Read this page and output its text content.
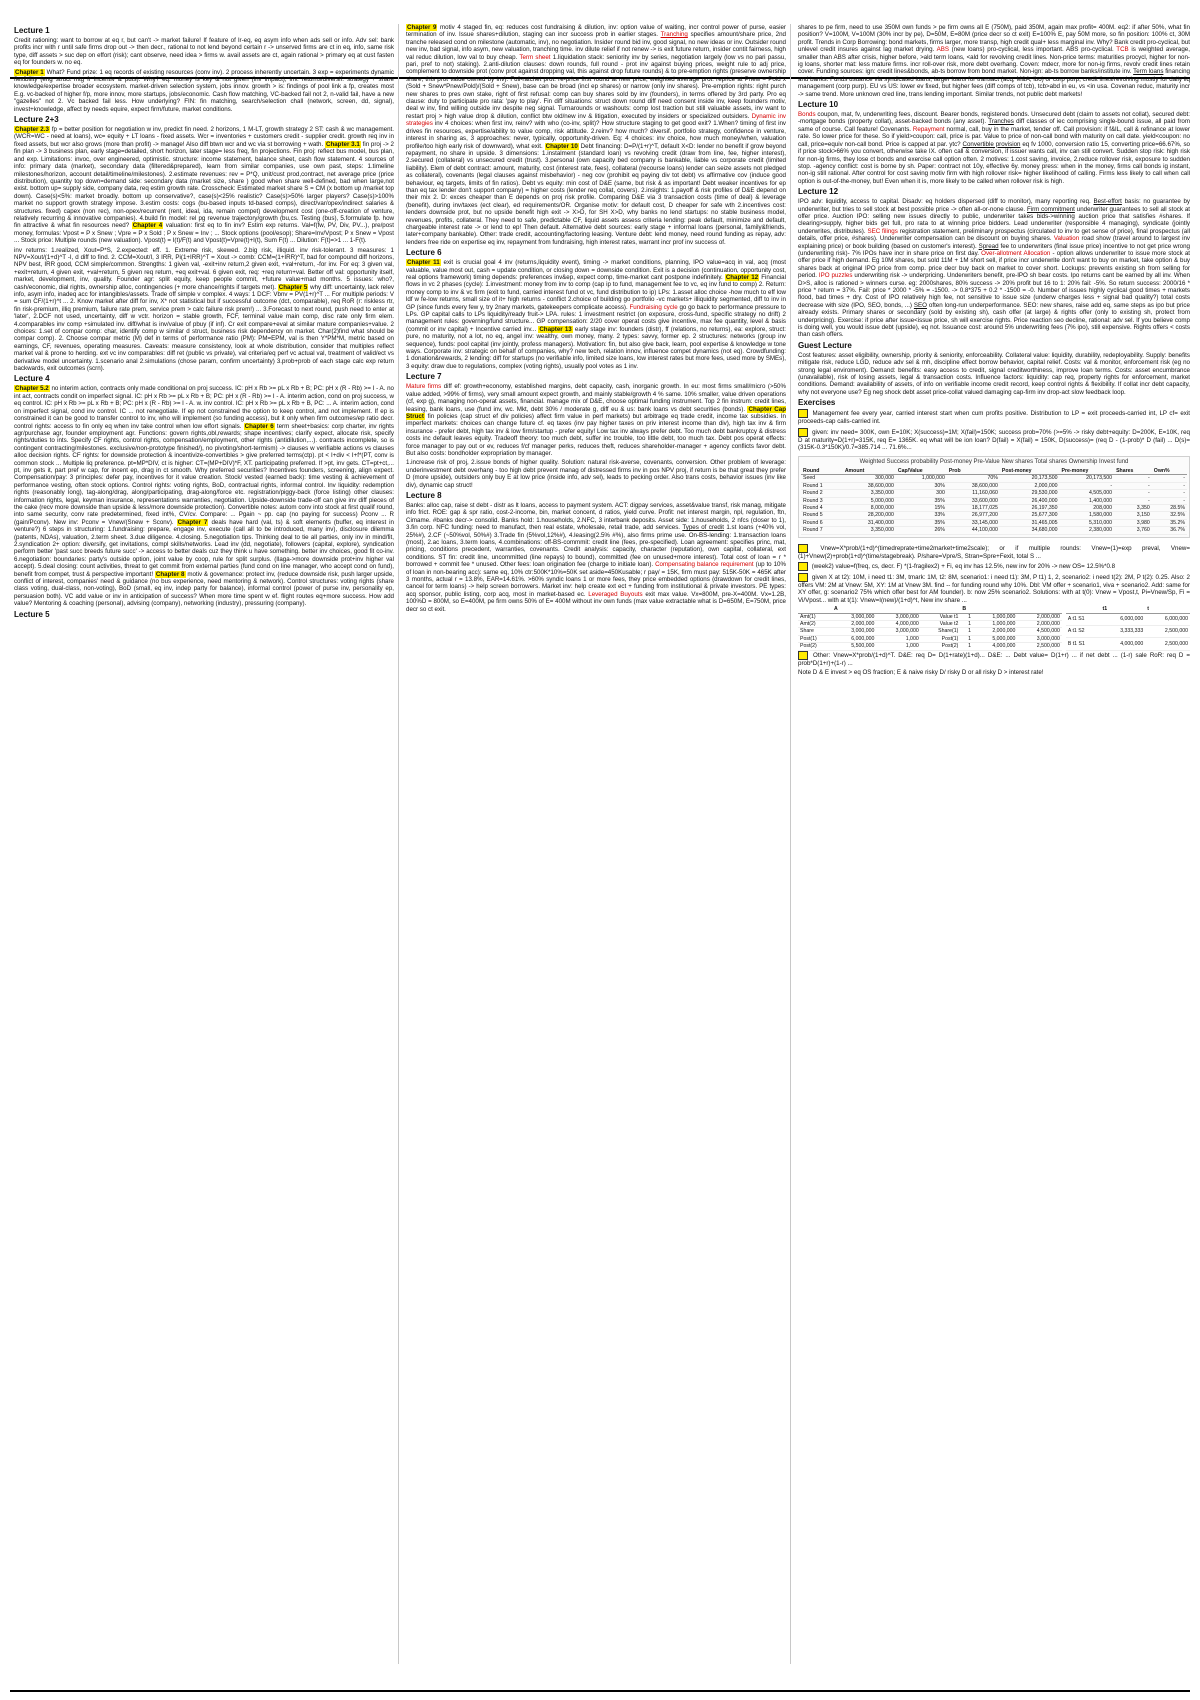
Lecture 1

Credit rationing: want to borrow at eq r, but can't -> market failure! If feature of lr-eq, eq asym info when ads sell or info. Adv sel: bank profits incr with r until safe firms drop out -> then decr., rational to not lend beyond certain r -> unserved firms are ct in eq, info, same risk type, diff assets > suc dep on effort (risk); cant observe, need idea > firms w. avail assets are ct, again rational > primary eq at cust fasten eq for founders w. no eq.

Chapter 1 What? Fund prize: 1 eq records of existing resources (conv inv). 2 process inherently uncertain. 3 exp = experiments dynamic flexibility (eng struct mtg fr incentiv & puts). Why? eq: money is key & not given (inv impact), inv. returns/diversif. strategy + share knowledge/expertise broader ecosystem. market-driven selection system, jobs innov. growth > is: findings of pool link a fp, creates most E.g. vc-backed of higher f/p, more innov, more startups, jobs/economic. Cash flow matching, VC-backed fail not 2, n-valid fail, have a new "gazelles" not 2. Vc backed fail less. How underlying? FIN: fin matching, search/selection chall (network, screen, dd, signal), invest+knowledge, affect by needs equire, expect firm/future, market conditions.

Lecture 2+3

Chapter 2.3 fp = better position for negotiation w inv, predict fin need. 2 horizons, 1 M-LT, growth strategy 2 ST: cash & wc management. (WCR=WC - need at loans), wc= equity + LT loans - fixed assets. Wcr = inventories + customers credit - supplier credit. growth req inv in fixed assets, but wcr also grows (more than profit) -> manage! Also diff btwn wcr and wc via st borrowing + wath. Chapter 3.1 fin proj -> 2 fin plan -> 3 business plan, early stage=detailed, short horizon, later stage= less freq, fin projections. Fin proj: reflect bus model, bus plan, and exp. Limitations: invoc, over engineered, optimistic. structure: income statement, balance sheet, cash flow statement. 4 sources of info: primary data (market), secondary data (filtered&prepared), learn from similar companies, use own past, steps: 1.timeline milestones/horizon, account detail/timeline/milestones). 2.estimate revenues: rev = P*Q, unit/cust prod,contract, net average price (price distribution), quantity top down=demand side: secondary data (market size, share ) good when share well-defined, bad when large,not exist. bottom up= supply side, company data, req estim growth rate. Crosscheck: Estimated market share S = CM (x bottom up /market top down). Case(s)<5%: market broadly. bottom up conservative?, case(s)<25% realistic? Case(s)>50% larger players? Case(s)>100% market no support growth strategy impose. 3.estim costs: cogs (bu-based inputs td-based comps), direct/var/opex/indirect salaries & structures. fixed) capex (non rec), non-opex/recurrent (rent, ideal, ida, remain compet) development cost (one-off-creation of venture, relatively recurring & innovative companies). 4.build fin model: rel pg revenue trajectory/growth (bu,cs. Testing (bus), 5.formulate fp. how fin attractive & what fin resources need? Chapter 4 valuation: first eq to fin inv? Estim exp returns. Val=f(fw, PV, Div, PV...), pre/post money, formulas: Vpost = P x Snew ; Vpre = P x Sold ; P x Snew = Inv ; ... Stock options (pool/esop); Share=Inv/Vpost; P x Snew = Vpost ... Stock price: Multiple rounds (new valuation). Vpost(t) = I(t)/F(t) and Vpost(t)=Vpre(t)+I(t), Sum F(t) ... Dilution: F(t)=>1 ... 1-F(t).

inv returns: 1.realized, Xout=P*S, 2.expected: eff. 1. Extreme risk, skewed. 2.big risk, illiquid. inv risk-tolerant. 3 measures: 1 NPV=Xout/(1+d)^T -I, d diff to find. 2. CCM=Xout/I, 3 IRR, Pi(1+IRR)^T = Xout -> comb: CCM=(1+IRR)^T, bad for compound diff horizons, NPV best, IRR good, CCM simple/common. Strengths: 1 given val, -exit+inv return,2 given exit, +val+return, -for inv. For eq: 3 given val, +exit+return, 4 given exit, +val+return, 5 given req return, +eq exit+val. 6 given exit, req: +req return+val. Better off val: opportunity itself, market, development, inv, quality. Founder agr: split equity, keep people commit, +future value+mad months. 5 issues: who?, cash/economic, dial rights, ownership alloc, contingencies (+ more chance/rights if targets met). Chapter 5 why diff: uncertainty, lack relev info, asym info, inadeq acc for intangibles/assets. Trade off simple v complex. 4 ways: 1 DCF: Vbnv = PV(1+r)^T ... For multiple periods: V = sum CF/(1+r)^t ... 2. Know market after diff for inv, X* not statistical but if successful outcome (dct, comparable), req RoR (r: riskless rtr, fin risk-premium, illiq premium, failure rate prem, service prem > calc failure risk prem!) ... 3.Forecast to next round, push need to enter at 'later', 2.DCF not used, uncertainty, diff w vctr. horizon = stable growth, FCF, terminal value main comp, disc rate only firm elem. 4.comparables inv comp +simulated inv. diff/what is inv/value of pbuy (if inf). Cr exit compare+eval at similar mature companies+value. 2 choices: 1.set of compar comp: char, identify comp w similar d struct, business risk dependency on market. Char(2)find what should be compar comp). 2. Choose compar metric (M) def in terms of performance ratio (PM): PM=EPM, val is then Y*PM*M, metric based on earnings, CF, revenues, operating measures. Caveats: measure consistency, look at whole distribution, consider that multiples reflect market val & prone to herding. ext vc inv comparables: diff ret (public vs private), val criteria/eq perf vc actual val, treatment of valid/ect vs derivative model uncertainty. 1.scenario anal 2.simulations (chose param, confirm uncertainty) 3.prob+prob of each stage calc exp return backwards, exit outcomes (scrn).

Lecture 4

Chapter 5.2 no interim action, contracts only made conditional on proj success. IC: pH x Rb >= pL x Rb + B; PC: pH x (R - Rb) >= I - A. no int act, contracts condit on imperfect signal. IC: pH x Rb >= pL x Rb + B; PC: pH x (R - Rb) >= I - A. interim action, cond on proj success, w eq control. IC: pH x Rb >= pL x Rb + B; PC: pH x (R - Rb) >= I - A. w. inv control. IC: pH x Rb >= pL x Rb + B, PC: ... A. interim action, cond on imperfect signal, cond inv control. IC ... not renegotiate. If ep not constrained the option to keep control, and not implement. If ep is constrained it can be good to transfer control to inv, who will implement (so funding access), but it only when firm outcomes/ep ratio decr. control rights: access to fin only eq when inv take control when low effort signals. Chapter 6 term sheet+basics: corp charter, inv rights agr/purchase agr, founder employment agr. Functions: govern rights,obl,rewards; shape incentives; clarify expect, allocate risk, specify rights/duties to ints. Specify CF rights, control rights, compensation/employment, other rights (antidilution,...). contracts incomplete, so is contingent contracting/milestones. exclusive/non-prototype finished/), no pivoting/short-termism) -> clauses w verifiable actions vs clauses alloc decision rights. CF rights: for downside protection & incentivize-convertibles > give preferred terms(ctp). pt < I+div < I+f*(PT, conv is common stock ... Multiple liq preference. pt=MP*DIV, ct is higher: CT=(MP+DIV)*F, XT. participating preferred. If >pt, inv gets. CT=pt+ct,... pt, inv gets it, part pref w cap, for incent ep, drag in ct smooth. Why preferred securities? Incentives founders, screening, align expect. Compensation/pay: 3 principles: defer pay, incentives for it value creation. Stock/ vested (earned back): time vesting & achievement of performance vesting, often stock options. Control rights: voting rights, BoD, contractual rights, informal control. Inv liquidity: redemption rights (reasonably long), tag-along/drag, along/participating, drag-along/force etc. registration/piggy-back (force listing) other clauses: information rights, legal, keyman insurance, representations warranties, negotiation. Upside-downside trade-off can give inv diff pieces of the cake (recv more downside than upside & less/more downside protection). Convertible notes: autom conv into stock at first qualif round, into same security, conv rate predetermined, fixed int%, CV/cv. Compare: ... Pgain ~ pp. cap (no paying for success) Pconv ... R (gain/Pconv). New inv: Pconv = Vnew/(Snew + Sconv). Chapter 7 deals have hard (val, ts) & soft elements (buffer, eq interest in venture?) 6 steps in structuring: 1.fundraising: prepare, engage inv, execute (call all to be introduced, many inv), disclosure dilemma (patents, NDAs), valuation, 2.term sheet. 3.due diligence. 4.closing. 5.negotiation tips. Thinking deal to tie all parties, only inv in mind/fit, 2.syndication 2+ option: diversify, get invitations, compl skills/networks. Lead inv (dd, negotiate), followers (capital, explore), syndication perform better 'past succ breeds future succ' -> access to better deals cuz they think u have something. better inv choices, good fit co-inv. 6.negotiation: boundaries: party's outside option, joint value by coop, rule for split surplus. (Ilaga->more downside prot+inv higher val accept). 5.deal closing: count activities, threat to get commit from external parties (fund cond on line manager, who accept cond on fund), benefit from compet, trust & perspective important! Chapter 8 motiv & governance: protect inv, (reduce downside risk, push larger upside, conflict of interest, companies' need & guidance (no bus experience, need mentoring & network). Control structures: voting rights (share class voting, dual-class, non-voting), BoD (small, eq inv, indep party for balance), informal control (power of purse inv, personality ep, persuasion both). VC add value or inv in anticipation of success? When more time spent w ef. flight routes eq+more success. How add value? Mentoring & coaching (personal), advising (company), networking (industry), pressuring (company).

Lecture 5

Chapter 9 motiv 4 staged fin, eq: reduces cost fundraising & dilution, inv: option value of waiting, incr control power of purse, easier termination of inv. Issue shares+dilution, staging can incr success prob in earlier stages. Tranching specifies amount/share price, 2nd tranche released cond on milestone (automatic, inv), no negotiation. Insider round bid inv, good signal, no new ideas or inv. Outsider round new inv, bad signal, info asym, new valuation, tranching time. inv dilute relief if not renew -> is exit future return, insider contit fairness, high val reduc dilution, low val to buy cheap. Term sheet 1.liquidation stack: seniority inv by series, negotiation largely (low vs no pari passu, pari, pref to not) staking). 2.anti-dilution clauses: down rounds, full round - prot inv against buying prices, weight rule to adj price, complement to downside prot (conv prot against dropping val, this against drop future rounds) & to pre-emption rights (preserve ownership share, this prot value owned by inv). Full-ratchet prot: re-price first round at new price, weighted average prot: reprice at Pnew = Pold x (Sold + Snew*Pnew/Pold)/(Sold + Snew), base can be broad (incl ep shares) or narrow (only inv shares). Pre-emption rights: right purch new shares to pres own stake, right of first refusal: comp can buy shares sold by inv (founders), in terms offered by 3rd party. Pro eq clause: duty to participate pro rata: 'pay to play'. Fin diff situations: struct down round diff need consent inside inv, keep founders motiv, deal w inv, find willing outside inv despite neg signal. Turnarounds or washouts: comp lost traction but still valuable assets, inv want to restart proj > high value drop & dilution, conflict btw old/new inv & litigation, executed by insiders or specialized outsiders. Dynamic inv strategies inv 4 choices: when first inv, reinv? with who (co-inv, split)? How structure staging to get good exit? 1.When? timing of first inv drives fin resources, expertise/ability to value comp, risk attitude. 2.reinv? how much? diversif. portfolio strategy, confidence in venture, interest in sharing as, 3 approaches: never, typically, opportunity-driven. Eq: 4 choices: inv choice, how much money/when, valuation profile/too high early risk of downward), what exit. Chapter 10 Debt financing: D=P/(1+r)^T, default X<D: lender no benefit if grow beyond repayment, no share in upside. 3 dimensions: 1.instalment (standard loan) vs revolving credit (draw from line, fee, higher interest), 2.secured (collateral) vs unsecured credit (trust). 3.personal (own capacity bed company is bankable, liable vs corporate credit (limited liability). Elem of debt contract: amount, maturity, cost (interest rate, fees), collateral (recourse loans) lender can seize assets not pledged as collateral), covenants (legal clauses against misbehavior) - neg cov (prohibit eq paying div tot debt) vs affirmative cov (induce good behaviour, eq targets, limits of fin ratios). Debt vs equity: min cost of D&E (same, but risk & as important! Debt weaker incentives for ep than eq tax lender don't support company) = higher costs (lender req collat, covers). 2.insights: 1.payoff & risk profiles of D&E depend on their mix 2. D: exces cheaper than E depends on proj risk profile. Comparing D&E via 3 transaction costs (time of deal) & leverage (benefit), during inv/taxes (ect clear), ed requirements/OR. Organise motiv: for default cost, D cheaper for safe wth 2.incentives cost: lenders downside prot, but no upside benefit high exit -> X>D, for SH X>D, why banks no lend startups: no stable business model, revenues, profits, collateral. They need to safe, predictable CF, liquid assets assess criteria lending: peak default, minimize and default, chargeable interest rate -> or lend to ep! Then default. Alternative debt sources: early stage + informal loans (personal, family&friends, later+company bankable). Other: trade credit, accounting/factoring leasing. Venture debt: lend money, need round funding as repay, adv: lenders free ride on expertise eq inv, repayment from fundraising, high interest rates, warrant incr prof inv success of.

Lecture 6

Chapter 11 exit is crucial goal 4 inv (returns,liquidity event), timing -> market conditions, planning, IPO value=acq in val, acq (most valuable, value most out, cash = update condition, or closing down = downside condition. Exit is a decision (continuation, opportunity cost, real options framework) timing depends: preferences inv&ep, expect comp, time-market cant postpone indefinitely. Chapter 12 Financial flows in vc 2 phases (cycle): 1.investment: money from inv to comp (cap ip to fund, management fee to vc, eq inv fund to comp) 2. Return: money comp to inv & vc firm (exit to fund, carried interest fund ot vc, fund distribution to ip) LPs: 1.asset alloc choice -how much to eff low ldf w fe-low returns, small size of it+ high returns - conflict 2.choice of building go portfolio -vc markets+ illiquidity segmented, diff to inv in GP (since funds every few y, try 2nary markets, gatekeepers complicate access). Fundraising cycle go go back to performance pressure to LPs. GP capital calls to LPs liquidity/ready fruit-> LPA. rules: 1 investment restrict (on exposure, cross-fund, specific strategy no drift) 2 management rules: governing/fund structure... GP compensation: 2/20 cover operat costs give incentive, max fee quantity, level & basis (commit or inv capital) + Incentive carried inv... Chapter 13 early stage inv: founders (distr), ff (relations, no returns), ea: explore, struct: pure, no maturity, not a lot, no eq, angel inv: wealthy, own money, many. 2 types: savvy, former ep. 2 structures: networks (group inv sequence), funds: pool capital (inv jointly, profess managers). Motivation: fin, but also give back, learn, pool expertise & knowledge w tone ways. Corporate inv: strategic on behalf of companies, why? new tech, relation innov, influence compet dynamics (not eq). Crowdfunding: 1 donation&rewards, 2 lending: diff for startups (no verifiable info, limited size loans, low interest rates but more fees, used more by SMEs), 3 equity: draw due to regulations, complex (voting rights), usually pool votes as 1 inv.

Lecture 7

Mature firms diff ef: growth+economy, established margins, debt capacity, cash, inorganic growth. In eu: most firms small/micro (>50% value added, >99% of firms), very small amount expect growth, and mainly stable/growth 4 % same. 10% smaller, value driven operations (cf, exp g), managing non-operat assets, financial. manage mix of D&E, choose optimal funding instrument. Top 2 fin instrum: credit lines, leasing, bank loans, use (fund inv, wc. Mkt, debt 30% / moderate g, diff eu & us: bank loans vs debt securities (bonds). Chapter Cap Struct fin policies (cap struct ef div policies) affect firm value in perf markets) but arbitrage eq trade credit, income tax subsidies. In imperfect markets: choices can change future cf. eq taxes (inv pay higher taxes on priv interest income than div), high tax inv & firm insurance - prefer debt, high tax inv & low firm/startup - prefer equity! Low tax inv always prefer debt. Too much debt bankruptcy & distress costs inc default leaves equity. Tradeoff theory: too much debt, suffer inc trouble, too little debt, too much tax. Debt pos operat effects: force manager to pay out or ev, reduces f/cf manager perks, reduces theft, reduces shareholder-manager + agency conflicts favor debt. But also costs: bondholder expropriation by manager.

1.increase risk of proj, 2.issue bonds of higher quality. Solution: natural risk-averse, covenants, conversion. Other problem of leverage: underinvestment debt overhang - too high debt prevent manag of distressed firms inv in pos NPV proj, if return is be that great they prefer D (more upside), outsiders only buy E at low price (inside info, adv sel), leads to pecking order. Also trans costs, behavior issues (inv like div), dynamic cap struct!

Lecture 8

Banks: alloc cap, raise st debt - distr as lt loans, access to payment system. ACT: digpay services, asset&value transf, risk manag, mitigate info frict. ROE: gap & spr ratio, cost-2-income, bin, market concent, d ratios, yield curve. Profit: net interest margin, npl, regulation, ftn, Cimame. #banks decr-> consolid. Banks hold: 1.households, 2.NFC, 3 interbank deposits. Asset side: 1.households, 2 nfcs (closer to 1), 3.fin corp. NFC funding: need to manufact, then real estate, wholesale, retail trade, add services. Types of credit 1.st loans (+40% vol, 25%#), 2.CF (~50%vol, 50%#) 3.Trade fin (5%vol,12%#), 4.leasing(2.5% #%), also firms prime use. On-BS-lending: 1.transaction loans (most), 2.ac loans, 3.term loans, 4.combinations: off-BS-commmit: credit line (fees, pre-specified). Loan agreement: specifies princ, mat, pricing, conditions precedent, warranties, covenants. Credit analysis: capacity, character (reputation), own capital, collateral, ext conditions. ST fin: credit line, uncommitted (line repays) to bound), committed (fee on unused+more interest). Total cost of loan = r * borrowed + commit fee * unused. Other fees: loan origination fee (charge to initiate loan). Compensating balance requirement (up to 10% of loan in non-bearing acc): same eq, 10% ctr:500K*10%=50K set aside=450Kusable; r pay/ = 15K, firm must pay: 515K-50K = 465K after 3 months, actual r = 13.8%, EAR=14.61%. >60% syndic loans 1 or more fees, they price embedded options (drawdown for credit lines, cancel for term loans) -> help screen borrowers. Market inv: help create ext ect + funding from institutional & private investors. PE types: acq sponsor, public listing, corp acq, most in market-based ec. Leveraged Buyouts exit max value. Vx=800M, pre-X=400M. Vx=1.2B, 100%D = 800M, so E=400M, pe firm owns 50% of E= 400M without inv own funds (max value extractable what is D=650M, E=750M, price decr so ct exit.

shares to pe firm, need to use 350M own funds > pe firm owns all E (750M), paid 350M, again max profit= 400M. eq2: if after 50%, what fin position? V=100M, V=100M (30% incr by pe), D=50M, E=80M (price decr so ct exit) E=100% E, pay 50M more, so fin position: 100% ct, 30M profit. Trends in Corp Borrowing: bond markets, firms larger, more transp, high credit qual+ less marginal inv. Why? Bank credit pro-cyclical, but unlevel credit insures against lag market drying. ABS (new loans) pro-cyclical, less important. ABS pro-cyclical. TCB is weighted average, smaller than ABS after crisis, higher before, >ald term loans, <ald for revolving credit lines. Non-price terms: maturities procycl, higher for non-ig loans, shorter mat: less mature firms. incr roll-over risk, more debt overhang. Coven: mdecr, more for non-ig firms, revolv credit lines retain cover. Funding sources: ign: credit lines&bonds, ab-ts borrow from bond market. Non-ign: ab-ts borrow banks/institute inv. Term loans financing and banks. Funds usuance via syndicated loans, larger loans for transact (acq, M&A, lbo) or corp purp, credit lines/revolving mostly for daily liq management (corp purp). EU vs US: lower ev fixed, but higher fees (diff comps of tcb), tcb>abd in eu, vs <in usa. Covenan reduc, maturity incr -> same trend. More unknown cred line, trans lending important. Similar trends, not public debt markets!

Lecture 10

Bonds coupon, mat, fv, underwriting fees, discount. Bearer bonds, registered bonds. Unsecured debt (claim to assets not collat), secured debt: -mortgage bonds (property collat), asset-backed bonds (any asset). Tranches diff classes of iec comprising single-bound issue, all paid from same of course. Call feature! Covenants. Repayment normal, call, buy in the market, tender off. Call provision: if f&lL, call & refinance at lower rate. So lower price for these. So if yield>coupon: call, price is par. Value to price of non-call bond with maturity on call date. yield<coupon: no call, price=equiv non-call bond. Price is capped at par. ytc? Convertible provision eq fv 1000, conversion ratio 15, converting price=66.67%, so if price stock>66% you convert, otherwise take IX. often call & conversion, if issuer wants call, inv can still convert. Sudden stop risk: high risk for non-ig firms, they lose ct bonds and exercise call option often. 2 motives: 1.cost saving, invoice, 2.reduce rollover risk, exposure to sudden stop. -agency conflict: cost is borne by sh. Paper: contract not 10y, effective 6y. money press: when in the money, firms call bonds ig instant, non-ig still rational. After control for cost saving motiv firm with high rollover risk= higher likelihood of calling. Firms less likely to call when call option is out-of-the-money, but! Even when it is, more likely to be called when rollover risk is high.

Lecture 12

IPO adv: liquidity, access to capital. Disadv: eq holders dispersed (diff to monitor), many reporting req. Best-effort basis: no guarantee by underwriter, but tries to sell stock at best possible price -> often all-or-none clause. Firm commitment underwriter guarantees to sell all stock at offer price. Auction IPO: selling new issues directly to public, underwriter takes bids->winning auction price that satisfies #shares. If clearing>supply, higher bids get full, pro rata to at winning price bidders. Lead underwriter (responsible 4 managing), syndicate (jointly underwrites, distributes). SEC filings registration statement, preliminary prospectus (circulated to inv to get sense of price), final prospectus (all details, offer price, #shares). Underwriter compensation can be discount on buying shares. Valuation road show (travel around to largest inv explaining price) or book building (based on customer's interest). Spread fee to underwriters (final issue price) incentive to not get price wrong (underwriting risk)- 7% IPOs have incr in share price on first day. Over-allotment Allocation - option allows underwriter to issue more stock at offer price if high demand. Eg 10M shares, but sold 11M + 1M short sell, if price incr underwrite don't want to buy on market, take option & buy shares back at original IPO price from comp. price decr buy back on market to cover short. Lockups: prevents existing sh from selling for period. IPO puzzles underwriting risk -> underpricing. Underwriters benefit, pre-IPO sh bear costs. Ipo returns cant be earned by all inv. When D>S, alloc is rationed > winners curse. eg: 2000shares, 80% success -> 20% profit but 16 to 1: 20% fail: -5%. So return success: 2000/16 * price * return = 37%. Fail: price * 2000 * -5% = -1500. -> 0.8*375 + 0.2 * -1500 = -0. Number of issues highly cyclical good times + markets flood, bad times + dry. Cost of IPO relatively high fee, not sensitive to issue size (underw charges less + signal bad quality?) total costs decrease with size (IPO, SEO, bonds, ...) SEO often long-run underperformance. SEO: new shares, raise add eq, same steps as ipo but price already exists. Primary shares or secondary (sold by existing sh), cash offer (at large) & rights offer (only to existing sh, protect from underpricing). Exercise: if price after issue<issue price, sh will exercise rights. Price reaction seo decline, rational: adv sel. If you believe comp is doing well, you would issue debt (upside), eq not. Issuance cost: around 5% underwriting fees (7% ipo), still expensive. Rights offers < costs than cash offers.

Guest Lecture

Cost features: asset eligibility, ownership, priority & seniority, enforceability. Collateral value: liquidity, durability, redeployability. Supply: benefits mitigate risk, reduce LGD, reduce adv sel & mh, discipline effect borrow behavior, capital relief. Costs: val & monitor, enforcement risk (eg no strong legal enviroment). Demand: benefits: easy access to credit, signal creditworthiness, improve loan terms. Costs: asset encumbrance (unavailable), risk of losing assets, legal & transaction costs. Influence factors: liquidity: cap req, property rights for enforcement, market conditions. Demand: availability of assets, of info on verifiable income credit record, keep control rights & flexibility. If collat incr debt capacity, why not everyone use? Eg neg shock debt asset price-collat valued damaging cap-firm inv drop-act slow feedback loop.

Exercises

Management fee every year, carried interest start when cum profits positive. Distribution to LP = exit proceeds-carried int, LP cf= exit proceeds-cap calls-carried int.

given: inv need= 300K, own E=10K; X(success)=1M; X(fail)=150K; success prob=70% (>=5% -> risky debt+equity: D=200K, E=10K, req D at maturity=D(1+r)=315K, req E= 1365K. eq what will be ion loan? D(fail) = X(fail) = 150K, D(success)= (req D - (1-prob)* D (fail) ... D(s)=(315K-0.3*150K)/0.7=385.714 ... 71.6%...

Weighted Success probability Post-money Pre-Value New shares Total shares Ownership Invest fund
Round	Amount	Cap/Value	Prob	Post-money	Pre-money	Shares	Own%
Seed	300,000	1,000,000	70%	20,173,500	20,173,500	-	-
Round 1	38,600,000	30%	38,600,000	2,000,000	-	-	-
Round 2	3,350,000	300	11,160,060	29,530,000	4,505,000	-	-
Round 3	5,000,000	35%	33,600,000	26,400,000	1,400,000	-	-
Round 4	8,000,000	15%	18,177,025	26,197,350	208,000	3,350	28.5%
Round 5	28,200,000	33%	26,977,200	25,677,300	1,580,000	3,150	32.5%
Round 6	31,400,000	35%	33,145,000	31,465,005	5,310,000	3,980	35.2%
Round 7	3,350,000	26%	44,100,000	34,680,000	2,380,000	3,760	36.7%

Vnew=X*prob/(1+d)^(timedreprate+time2market+time2scale); or if multiple rounds: Vnew=(1)=exp preval, Vnew=(1)+Vnew(2)+prob(1+d)^(time/stagebreak). P/share=Vpre/S, Stran=Spre+Fexit, total S ...

(week2) value=f(freq, cs, decr. F) *(1-fragilex2) + Fi, eq inv has 12.5%, new inv for 20% -> new OS= 12.5%*0.8

given X at t2): 10M, i need t1: 3M, tmark: 1M, t2: 8M, scenario1: i need t1): 3M, P t1) 1, 2, scenario2: i need t(2): 2M, P t(2): 0.25. Also: 2 offers VM: 2M at Vnew: 5M, XY: 1M at Vnew 3M. find -- for funding round why 10%. Dbl: VM offer + scenario1, viva + scenario2. Add: same for XY offer, g: scenario2 75% which offer best for AM founder). b: now 25% scenario2. Solutions: with at t(0): Vnew = Vpost,t, Pi=Vnew/Sp, Fi = Vi/Vpost... with at t(1): Vnew=I(new)/(1+d)^t, New inv share ...

	A			B		
Amt(1)	3,000,000	3,000,000	Value t1	1	1,000,000	2,000,000
Amt(2)	2,000,000	4,000,000	Value t2	1	1,000,000	2,000,000
Share	3,000,000	3,000,000	Share(1)	1	2,000,000	4,500,000
Post(1)	6,000,000	1,000	Post(1)	1	5,000,000	3,000,000
Post(2)	5,500,000	1,000	Post(2)	1	4,000,000	2,500,000
	t1	t
A t1 S1	6,000,000	6,000,000
A t1 S2	3,333,333	2,500,000
B t1 S1	4,000,000	2,500,000

Other: Vnew=X*prob/(1+d)^T. D&E: req D= D(1+rate)(1+d)... D&E: ... Debt value= D(1+r) ... if net debt ... (1-r) sale RoR: req D = prob*D(1+r)+(1-r) ...

Note D & E invest > eq OS fraction; E & naive risky D/ risky D or all risky D > interest rate!
